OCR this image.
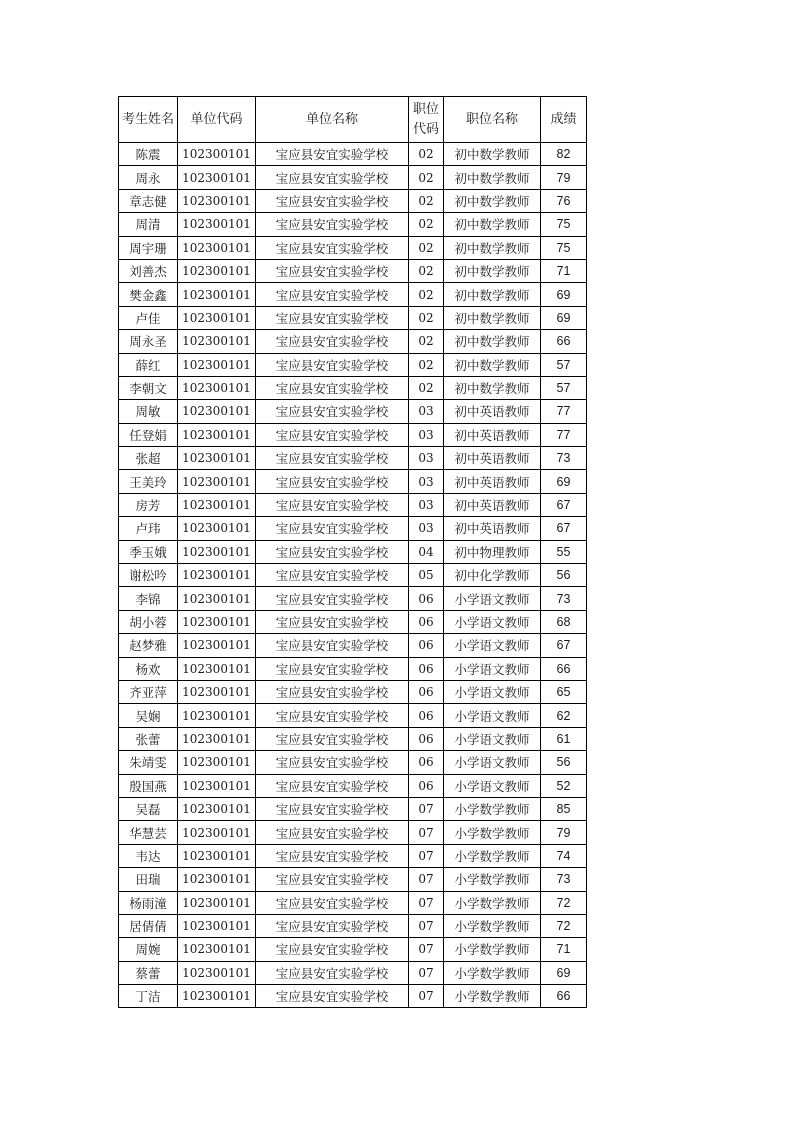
考生姓名	单位代码	单位名称	职位代码	职位名称	成绩
陈震	102300101	宝应县安宜实验学校	02	初中数学教师	82
周永	102300101	宝应县安宜实验学校	02	初中数学教师	79
章志健	102300101	宝应县安宜实验学校	02	初中数学教师	76
周清	102300101	宝应县安宜实验学校	02	初中数学教师	75
周宇珊	102300101	宝应县安宜实验学校	02	初中数学教师	75
刘善杰	102300101	宝应县安宜实验学校	02	初中数学教师	71
樊金鑫	102300101	宝应县安宜实验学校	02	初中数学教师	69
卢佳	102300101	宝应县安宜实验学校	02	初中数学教师	69
周永圣	102300101	宝应县安宜实验学校	02	初中数学教师	66
薛红	102300101	宝应县安宜实验学校	02	初中数学教师	57
李朝文	102300101	宝应县安宜实验学校	02	初中数学教师	57
周敏	102300101	宝应县安宜实验学校	03	初中英语教师	77
任登娟	102300101	宝应县安宜实验学校	03	初中英语教师	77
张超	102300101	宝应县安宜实验学校	03	初中英语教师	73
王美玲	102300101	宝应县安宜实验学校	03	初中英语教师	69
房芳	102300101	宝应县安宜实验学校	03	初中英语教师	67
卢玮	102300101	宝应县安宜实验学校	03	初中英语教师	67
季玉娥	102300101	宝应县安宜实验学校	04	初中物理教师	55
谢松吟	102300101	宝应县安宜实验学校	05	初中化学教师	56
李锦	102300101	宝应县安宜实验学校	06	小学语文教师	73
胡小蓉	102300101	宝应县安宜实验学校	06	小学语文教师	68
赵梦雅	102300101	宝应县安宜实验学校	06	小学语文教师	67
杨欢	102300101	宝应县安宜实验学校	06	小学语文教师	66
齐亚萍	102300101	宝应县安宜实验学校	06	小学语文教师	65
吴娴	102300101	宝应县安宜实验学校	06	小学语文教师	62
张蕾	102300101	宝应县安宜实验学校	06	小学语文教师	61
朱靖雯	102300101	宝应县安宜实验学校	06	小学语文教师	56
殷国燕	102300101	宝应县安宜实验学校	06	小学语文教师	52
吴磊	102300101	宝应县安宜实验学校	07	小学数学教师	85
华慧芸	102300101	宝应县安宜实验学校	07	小学数学教师	79
韦达	102300101	宝应县安宜实验学校	07	小学数学教师	74
田瑞	102300101	宝应县安宜实验学校	07	小学数学教师	73
杨雨潼	102300101	宝应县安宜实验学校	07	小学数学教师	72
居倩倩	102300101	宝应县安宜实验学校	07	小学数学教师	72
周婉	102300101	宝应县安宜实验学校	07	小学数学教师	71
蔡蕾	102300101	宝应县安宜实验学校	07	小学数学教师	69
丁洁	102300101	宝应县安宜实验学校	07	小学数学教师	66
